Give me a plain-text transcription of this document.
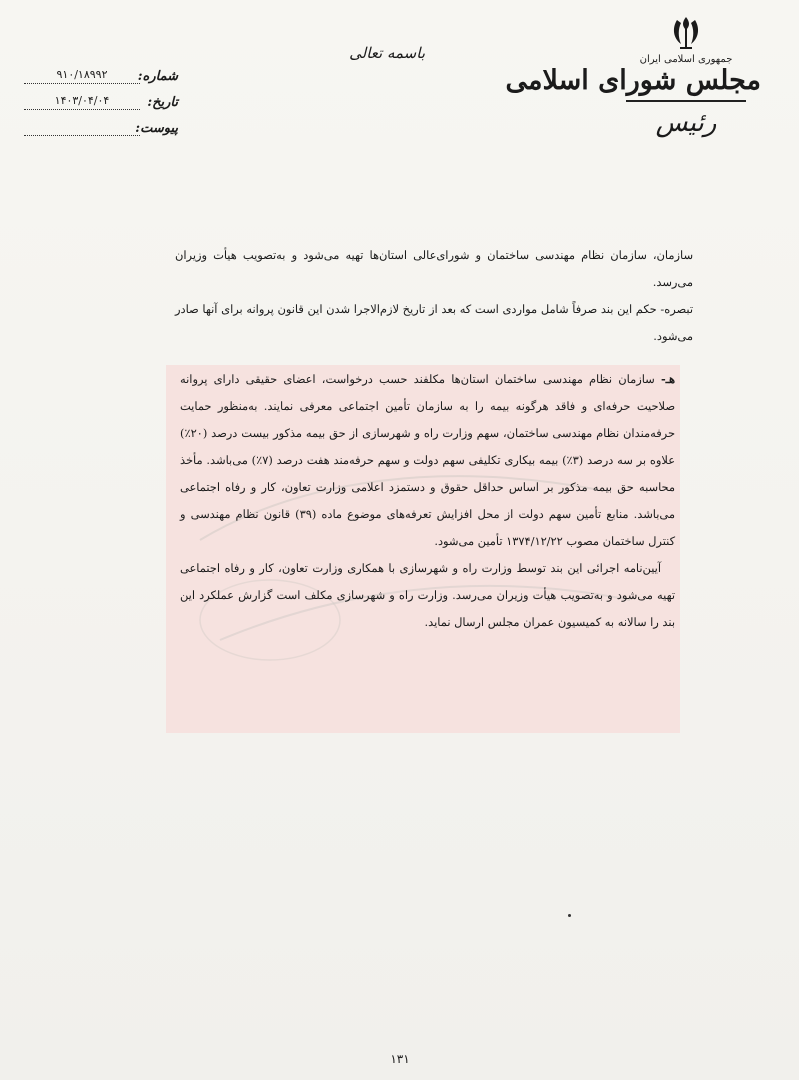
جمهوری اسلامی ایران
مجلس شورای اسلامی
رئیس
باسمه تعالی
شماره:
۹۱۰/۱۸۹۹۲
تاریخ:
۱۴۰۳/۰۴/۰۴
پیوست:

سازمان، سازمان نظام مهندسی ساختمان و شورای‌عالی استان‌ها تهیه می‌شود و به‌تصویب هیأت وزیران می‌رسد.

تبصره- حکم این بند صرفاً شامل مواردی است که بعد از تاریخ لازم‌الاجرا شدن این قانون پروانه برای آنها صادر می‌شود.

هـ- سازمان نظام مهندسی ساختمان استان‌ها مکلفند حسب درخواست، اعضای حقیقی دارای پروانه صلاحیت حرفه‌ای و فاقد هرگونه بیمه را به سازمان تأمین اجتماعی معرفی نمایند. به‌منظور حمایت حرفه‌مندان نظام مهندسی ساختمان، سهم وزارت راه و شهرسازی از حق بیمه مذکور بیست درصد (۲۰٪) علاوه بر سه درصد (۳٪) بیمه بیکاری تکلیفی سهم دولت و سهم حرفه‌مند هفت درصد (۷٪) می‌باشد. مأخذ محاسبه حق بیمه مذکور بر اساس حداقل حقوق و دستمزد اعلامی وزارت تعاون، کار و رفاه اجتماعی می‌باشد. منابع تأمین سهم دولت از محل افزایش تعرفه‌های موضوع ماده (۳۹) قانون نظام مهندسی و کنترل ساختمان مصوب ۱۳۷۴/۱۲/۲۲ تأمین می‌شود.

آیین‌نامه اجرائی این بند توسط وزارت راه و شهرسازی با همکاری وزارت تعاون، کار و رفاه اجتماعی تهیه می‌شود و به‌تصویب هیأت وزیران می‌رسد. وزارت راه و شهرسازی مکلف است گزارش عملکرد این بند را سالانه به کمیسیون عمران مجلس ارسال نماید.

۱۳۱
